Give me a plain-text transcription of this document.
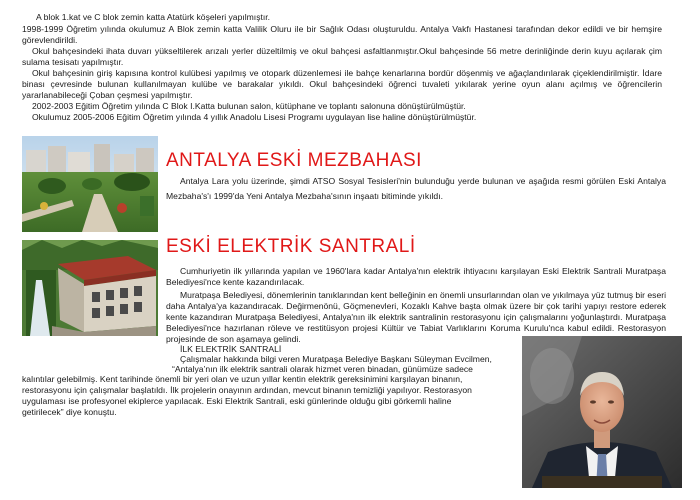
A blok 1.kat ve C blok zemin katta Atatürk köşeleri yapılmıştır.

1998-1999 Öğretim yılında okulumuz A Blok zemin katta Valilik Oluru ile bir Sağlık Odası oluşturuldu. Antalya Vakfı Hastanesi tarafından dekor edildi ve bir hemşire görevlendirildi.

Okul bahçesindeki ihata duvarı yükseltilerek arızalı yerler düzeltilmiş ve okul bahçesi asfaltlanmıştır.Okul bahçesinde 56 metre derinliğinde derin kuyu açılarak çim sulama tesisatı yapılmıştır.

Okul bahçesinin giriş kapısına kontrol kulübesi yapılmış ve otopark düzenlemesi ile bahçe kenarlarına bordür döşenmiş ve ağaçlandırılarak çiçeklendirilmiştir. İdare binası çevresinde bulunan kullanılmayan kulübe ve barakalar yıkıldı. Okul bahçesindeki öğrenci tuvaleti yıkılarak yerine oyun alanı açılmış ve öğrencilerin yararlanabileceği Çoban çeşmesi yapılmıştır.

2002-2003 Eğitim Öğretim yılında C Blok I.Katta bulunan salon, kütüphane ve toplantı salonuna dönüştürülmüştür.

Okulumuz 2005-2006 Eğitim Öğretim yılında 4 yıllık Anadolu Lisesi Programı uygulayan lise haline dönüştürülmüştür.

ANTALYA ESKİ MEZBAHASI

Antalya Lara yolu üzerinde, şimdi ATSO Sosyal Tesisleri'nin bulunduğu yerde bulunan ve aşağıda resmi görülen Eski Antalya Mezbaha's'ı 1999'da Yeni Antalya Mezbaha'sının inşaatı bitiminde yıkıldı.

ESKİ ELEKTRİK SANTRALİ

Cumhuriyetin ilk yıllarında yapılan ve 1960'lara kadar Antalya'nın elektrik ihtiyacını karşılayan Eski Elektrik Santrali Muratpaşa Belediyesi'nce kente kazandırılacak.

Muratpaşa Belediyesi, dönemlerinin tanıklarından kent belleğinin en önemli unsurlarından olan ve yıkılmaya yüz tutmuş bir eseri daha Antalya'ya kazandıracak. Değirmenönü, Göçmenevleri, Kozaklı Kahve başta olmak üzere bir çok tarihi yapıyı restore ederek kente kazandıran Muratpaşa Belediyesi, Antalya'nın ilk elektrik santralinin restorasyonu için çalışmalarını yoğunlaştırdı. Muratpaşa Belediyesi'nce hazırlanan röleve ve restitüsyon projesi Kültür ve Tabiat Varlıklarını Koruma Kurulu'nca kabul edildi. Restorasyon projesinde de son aşamaya gelindi.

İLK ELEKTRİK SANTRALİ

Çalışmalar hakkında bilgi veren Muratpaşa Belediye Başkanı Süleyman Evcilmen,

“Antalya’nın ilk elektrik santrali olarak hizmet veren binadan, günümüze sadece

kalıntılar gelebilmiş. Kent tarihinde önemli bir yeri olan ve uzun yıllar kentin elektrik gereksinimini karşılayan binanın,
restorasyonu için çalışmalar başlatıldı. İlk projelerin onayının ardından, mevcut binanın temizliği yapılıyor. Restorasyon
uygulaması ise profesyonel ekiplerce yapılacak. Eski Elektrik Santrali, eski günlerinde olduğu gibi görkemli haline
getirilecek” diye konuştu.
